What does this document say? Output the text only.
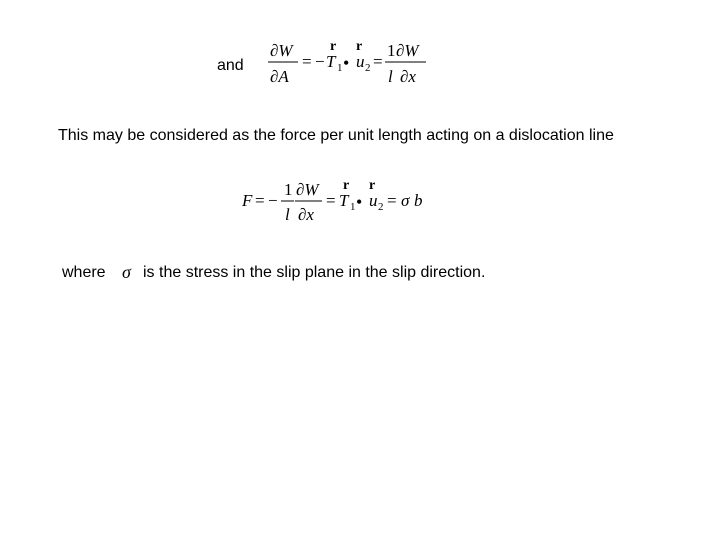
and
∂W
∂A
= −
r
T 1 •
r
u 2 =
1 ∂W
l ∂x
This may be considered as the force per unit length acting on a dislocation line
F = −
1
l
∂W
∂x
=
r
T 1 •
r
u 2 = σ b
where σ is the stress in the slip plane in the slip direction.
